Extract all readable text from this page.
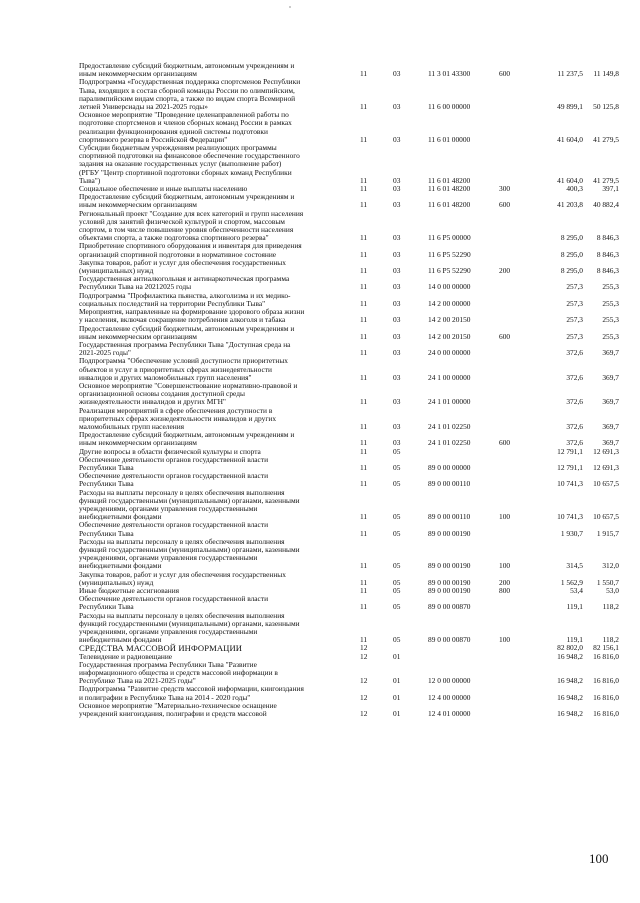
Предоставление субсидий бюджетным, автономным учреждениям и
иным некоммерческим организациям	11	03	11 3 01 43300	600	11 237,5	11 149,8
Подпрограмма «Государственная поддержка спортсменов Республики
Тыва, входящих в состав сборной команды России по олимпийским,
паралимпийским видам спорта, а также по видам спорта Всемирной
летней Универсиады на 2021-2025 годы»	11	03	11 6 00 00000	49 899,1	50 125,8
Основное мероприятие "Проведение целенаправленной работы по
подготовке спортсменов и членов сборных команд России в рамках
реализации функционирования единой системы подготовки
спортивного резерва в Российской Федерации"	11	03	11 6 01 00000	41 604,0	41 279,5
Субсидии бюджетным учреждениям реализующих программы
спортивной подготовки на финансовое обеспечение государственного
задания на оказание государственных услуг (выполнение работ)
(РГБУ "Центр спортивной подготовки сборных команд Республики
Тыва")	11	03	11 6 01 48200	41 604,0	41 279,5
Социальное обеспечение и иные выплаты населению	11	03	11 6 01 48200	300	400,3	397,1
Предоставление субсидий бюджетным, автономным учреждениям и
иным некоммерческим организациям	11	03	11 6 01 48200	600	41 203,8	40 882,4
Региональный проект "Создание для всех категорий и групп населения
условий для занятий физической культурой и спортом, массовым
спортом, в том числе повышение уровня обеспеченности населения
объектами спорта, а также подготовка спортивного резерва"	11	03	11 6 P5 00000	8 295,0	8 846,3
Приобретение спортивного оборудования и инвентаря для приведения
организаций спортивной подготовки в нормативное состояние	11	03	11 6 P5 52290	8 295,0	8 846,3
Закупка товаров, работ и услуг для обеспечения государственных
(муниципальных) нужд	11	03	11 6 P5 52290	200	8 295,0	8 846,3
Государственная антиалкогольная и антинаркотическая программа
Республики Тыва на 20212025 годы	11	03	14 0 00 00000	257,3	255,3
Подпрограмма "Профилактика пьянства, алкоголизма и их медико-
социальных последствий на территории Республики Тыва"	11	03	14 2 00 00000	257,3	255,3
Мероприятия, направленные на формирование здорового образа жизни
у населения, включая сокращение потребления алкоголя и табака	11	03	14 2 00 20150	257,3	255,3
Предоставление субсидий бюджетным, автономным учреждениям и
иным некоммерческим организациям	11	03	14 2 00 20150	600	257,3	255,3
Государственная программа Республики Тыва "Доступная среда на
2021-2025 годы"	11	03	24 0 00 00000	372,6	369,7
Подпрограмма "Обеспечение условий доступности приоритетных
объектов и услуг в приоритетных сферах жизнедеятельности
инвалидов и других маломобильных групп населения"	11	03	24 1 00 00000	372,6	369,7
Основное мероприятие "Совершенствование нормативно-правовой и
организационной основы создания доступной среды
жизнедеятельности инвалидов и других МГН"	11	03	24 1 01 00000	372,6	369,7
Реализация мероприятий в сфере обеспечения доступности в
приоритетных сферах жизнедеятельности инвалидов и других
маломобильных групп населения	11	03	24 1 01 02250	372,6	369,7
Предоставление субсидий бюджетным, автономным учреждениям и
иным некоммерческим организациям	11	03	24 1 01 02250	600	372,6	369,7
Другие вопросы в области физической культуры и спорта	11	05	12 791,1	12 691,3
Обеспечение деятельности органов государственной власти
Республики Тыва	11	05	89 0 00 00000	12 791,1	12 691,3
Обеспечение деятельности органов государственной власти
Республики Тыва	11	05	89 0 00 00110	10 741,3	10 657,5
Расходы на выплаты персоналу в целях обеспечения выполнения
функций государственными (муниципальными) органами, казенными
учреждениями, органами управления государственными
внебюджетными фондами	11	05	89 0 00 00110	100	10 741,3	10 657,5
Обеспечение деятельности органов государственной власти
Республики Тыва	11	05	89 0 00 00190	1 930,7	1 915,7
Расходы на выплаты персоналу в целях обеспечения выполнения
функций государственными (муниципальными) органами, казенными
учреждениями, органами управления государственными
внебюджетными фондами	11	05	89 0 00 00190	100	314,5	312,0
Закупка товаров, работ и услуг для обеспечения государственных
(муниципальных) нужд	11	05	89 0 00 00190	200	1 562,9	1 550,7
Иные бюджетные ассигнования	11	05	89 0 00 00190	800	53,4	53,0
Обеспечение деятельности органов государственной власти
Республики Тыва	11	05	89 0 00 00870	119,1	118,2
Расходы на выплаты персоналу в целях обеспечения выполнения
функций государственными (муниципальными) органами, казенными
учреждениями, органами управления государственными
внебюджетными фондами	11	05	89 0 00 00870	100	119,1	118,2
СРЕДСТВА МАССОВОЙ ИНФОРМАЦИИ	12	82 802,0	82 156,1
Телевидение и радиовещание	12	01	16 948,2	16 816,0
Государственная программа Республики Тыва "Развитие
информационного общества и средств массовой информации в
Республике Тыва на 2021-2025 годы"	12	01	12 0 00 00000	16 948,2	16 816,0
Подпрограмма "Развитие средств массовой информации, книгоиздания
и полиграфии в Республике Тыва на 2014 - 2020 годы"	12	01	12 4 00 00000	16 948,2	16 816,0
Основное мероприятие "Материально-техническое оснащение
учреждений книгоиздания, полиграфии и средств массовой	12	01	12 4 01 00000	16 948,2	16 816,0
100
